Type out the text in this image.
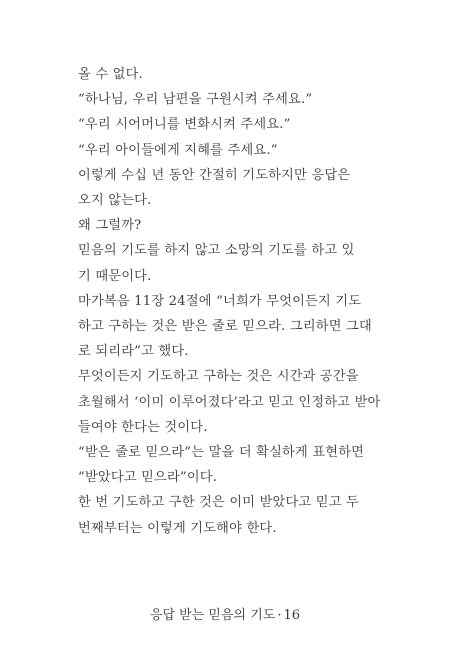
올 수 없다.
“하나님, 우리 남편을 구원시켜 주세요.”
“우리 시어머니를 변화시켜 주세요.”
“우리 아이들에게 지혜를 주세요.”
이렇게 수십 년 동안 간절히 기도하지만 응답은
오지 않는다.
왜 그럴까?
믿음의 기도를 하지 않고 소망의 기도를 하고 있
기 때문이다.
마가복음 11장 24절에 “너희가 무엇이든지 기도
하고 구하는 것은 받은 줄로 믿으라. 그리하면 그대
로 되리라”고 했다.
무엇이든지 기도하고 구하는 것은 시간과 공간을
초월해서 ‘이미 이루어졌다’라고 믿고 인정하고 받아
들여야 한다는 것이다.
“받은 줄로 믿으라”는 말을 더 확실하게 표현하면
“받았다고 믿으라”이다.
한 번 기도하고 구한 것은 이미 받았다고 믿고 두
번째부터는 이렇게 기도해야 한다.
응답 받는 믿음의 기도 · 16
